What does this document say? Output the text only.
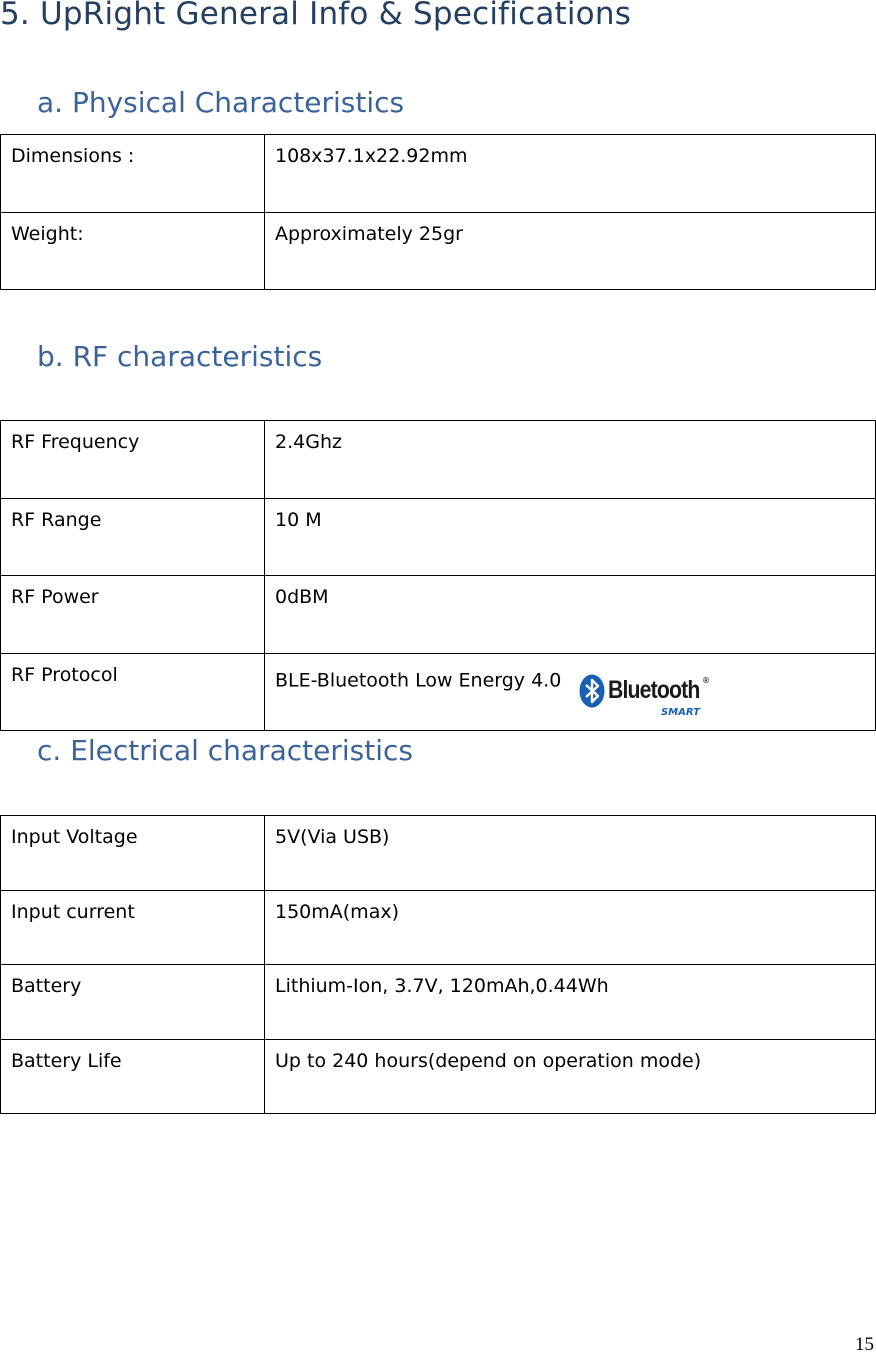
5. UpRight General Info & Specifications
a. Physical Characteristics
Dimensions :	108x37.1x22.92mm
Weight:	Approximately 25gr
b. RF characteristics
RF Frequency	2.4Ghz
RF Range	10 M
RF Power	0dBM
RF Protocol	BLE-Bluetooth Low Energy 4.0 Bluetooth ®
SMART
c. Electrical characteristics
Input Voltage	5V(Via USB)
Input current	150mA(max)
Battery	Lithium-Ion, 3.7V, 120mAh,0.44Wh
Battery Life	Up to 240 hours(depend on operation mode)
15
